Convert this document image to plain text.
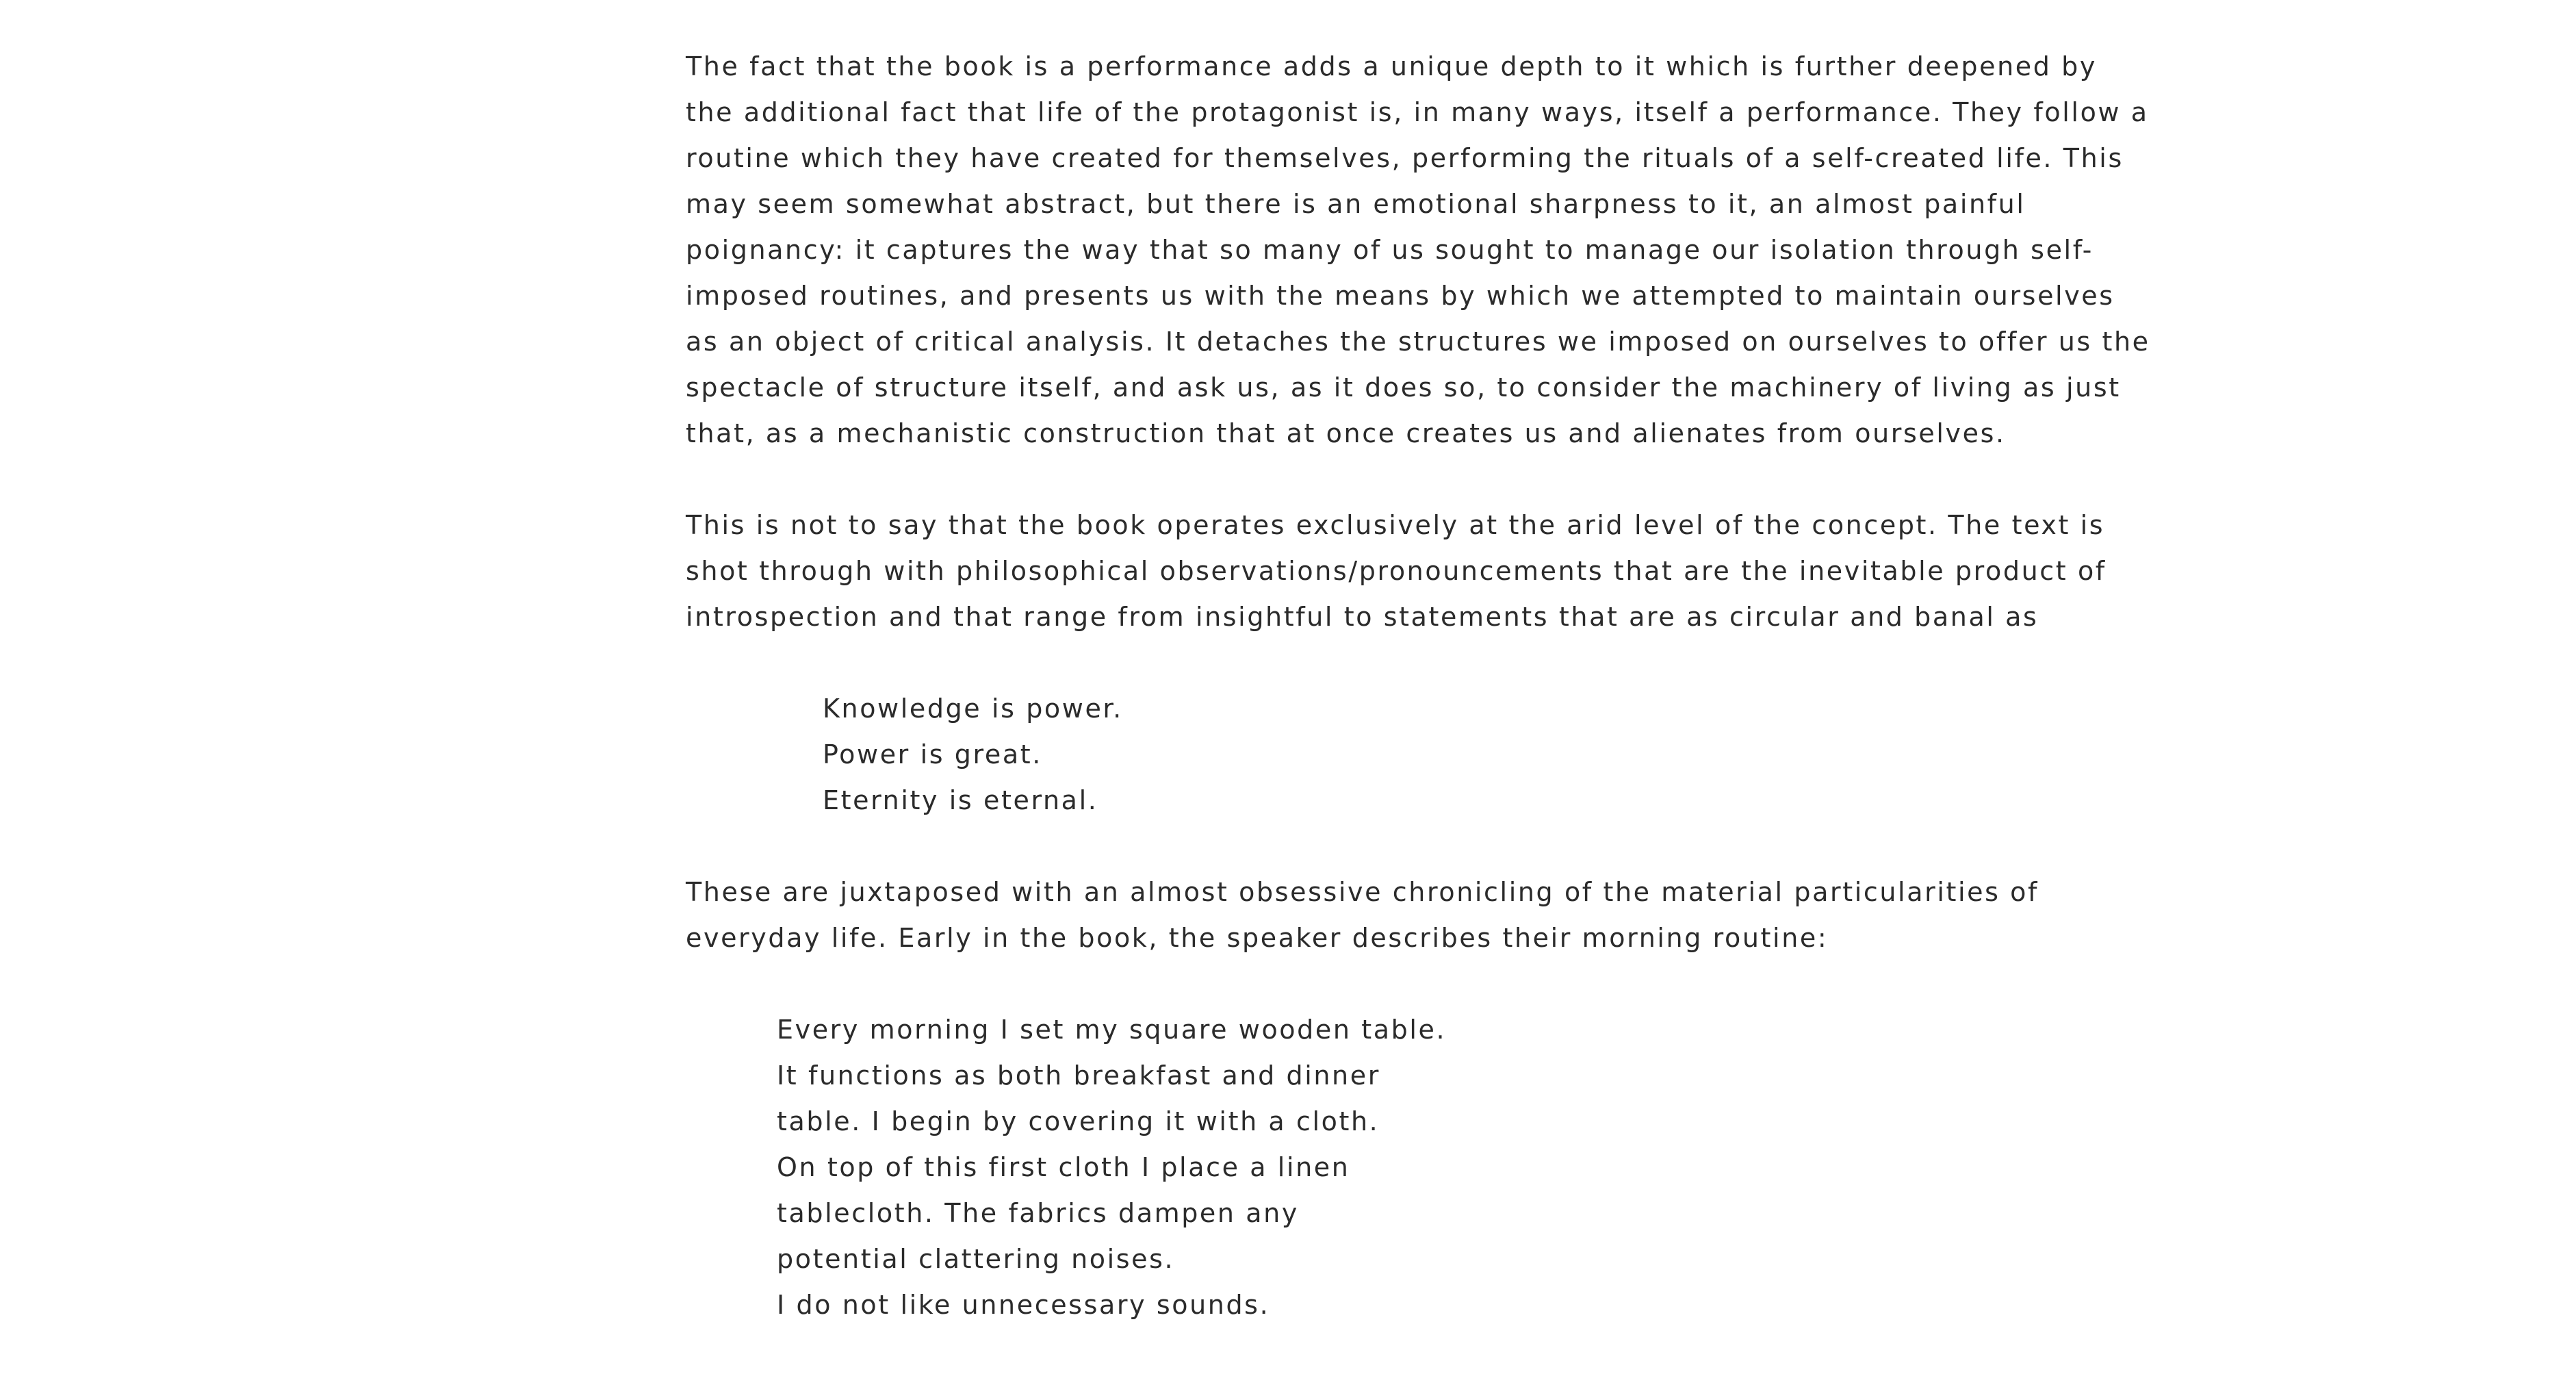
The fact that the book is a performance adds a unique depth to it which is further deepened by
the additional fact that life of the protagonist is, in many ways, itself a performance. They follow a
routine which they have created for themselves, performing the rituals of a self-created life. This
may seem somewhat abstract, but there is an emotional sharpness to it, an almost painful
poignancy: it captures the way that so many of us sought to manage our isolation through self-
imposed routines, and presents us with the means by which we attempted to maintain ourselves
as an object of critical analysis. It detaches the structures we imposed on ourselves to offer us the
spectacle of structure itself, and ask us, as it does so, to consider the machinery of living as just
that, as a mechanistic construction that at once creates us and alienates from ourselves.

This is not to say that the book operates exclusively at the arid level of the concept. The text is
shot through with philosophical observations/pronouncements that are the inevitable product of
introspection and that range from insightful to statements that are as circular and banal as

Knowledge is power.
Power is great.
Eternity is eternal.

These are juxtaposed with an almost obsessive chronicling of the material particularities of
everyday life. Early in the book, the speaker describes their morning routine:

Every morning I set my square wooden table.
It functions as both breakfast and dinner
table. I begin by covering it with a cloth.
On top of this first cloth I place a linen
tablecloth. The fabrics dampen any
potential clattering noises.
I do not like unnecessary sounds.
